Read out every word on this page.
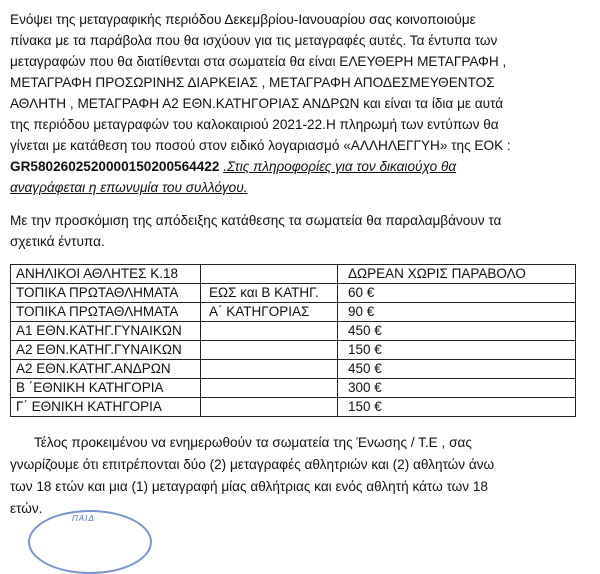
Ενόψει της μεταγραφικής περιόδου Δεκεμβρίου-Ιανουαρίου σας κοινοποιούμε
πίνακα με τα παράβολα που θα ισχύουν για τις μεταγραφές αυτές. Τα έντυπα των
μεταγραφών που θα διατίθενται στα σωματεία θα είναι ΕΛΕΥΘΕΡΗ ΜΕΤΑΓΡΑΦΗ ,
ΜΕΤΑΓΡΑΦΗ ΠΡΟΣΩΡΙΝΗΣ ΔΙΑΡΚΕΙΑΣ , ΜΕΤΑΓΡΑΦΗ ΑΠΟΔΕΣΜΕΥΘΕΝΤΟΣ
ΑΘΛΗΤΗ , ΜΕΤΑΓΡΑΦΗ Α2 ΕΘΝ.ΚΑΤΗΓΟΡΙΑΣ ΑΝΔΡΩΝ και είναι τα ίδια με αυτά
της περιόδου μεταγραφών του καλοκαιριού 2021-22.Η πληρωμή των εντύπων θα
γίνεται με κατάθεση του ποσού στον ειδικό λογαριασμό «ΑΛΛΗΛΕΓΓΥΗ» της ΕΟΚ :
GR5802602520000150200564422 .Στις πληροφορίες για τον δικαιούχο θα
αναγράφεται η επωνυμία του συλλόγου.
Με την προσκόμιση της απόδειξης κατάθεσης τα σωματεία θα παραλαμβάνουν τα
σχετικά έντυπα.
ΑΝΗΛΙΚΟΙ ΑΘΛΗΤΕΣ Κ.18		ΔΩΡΕΑΝ ΧΩΡΙΣ ΠΑΡΑΒΟΛΟ
ΤΟΠΙΚΑ ΠΡΩΤΑΘΛΗΜΑΤΑ	ΕΩΣ και Β ΚΑΤΗΓ.	60 €
ΤΟΠΙΚΑ ΠΡΩΤΑΘΛΗΜΑΤΑ	Α΄ ΚΑΤΗΓΟΡΙΑΣ	90 €
Α1 ΕΘΝ.ΚΑΤΗΓ.ΓΥΝΑΙΚΩΝ		450 €
Α2 ΕΘΝ.ΚΑΤΗΓ.ΓΥΝΑΙΚΩΝ		150 €
Α2 ΕΘΝ.ΚΑΤΗΓ.ΑΝΔΡΩΝ		450 €
Β ΄ΕΘΝΙΚΗ ΚΑΤΗΓΟΡΙΑ		300 €
Γ΄ ΕΘΝΙΚΗ ΚΑΤΗΓΟΡΙΑ		150 €
Τέλος προκειμένου να ενημερωθούν τα σωματεία της Ένωσης / Τ.Ε , σας
γνωρίζουμε ότι επιτρέπονται δύο (2) μεταγραφές αθλητριών και (2) αθλητών άνω
των 18 ετών και μια (1) μεταγραφή μίας αθλήτριας και ενός αθλητή κάτω των 18
ετών.
ΠΑΙΔ
